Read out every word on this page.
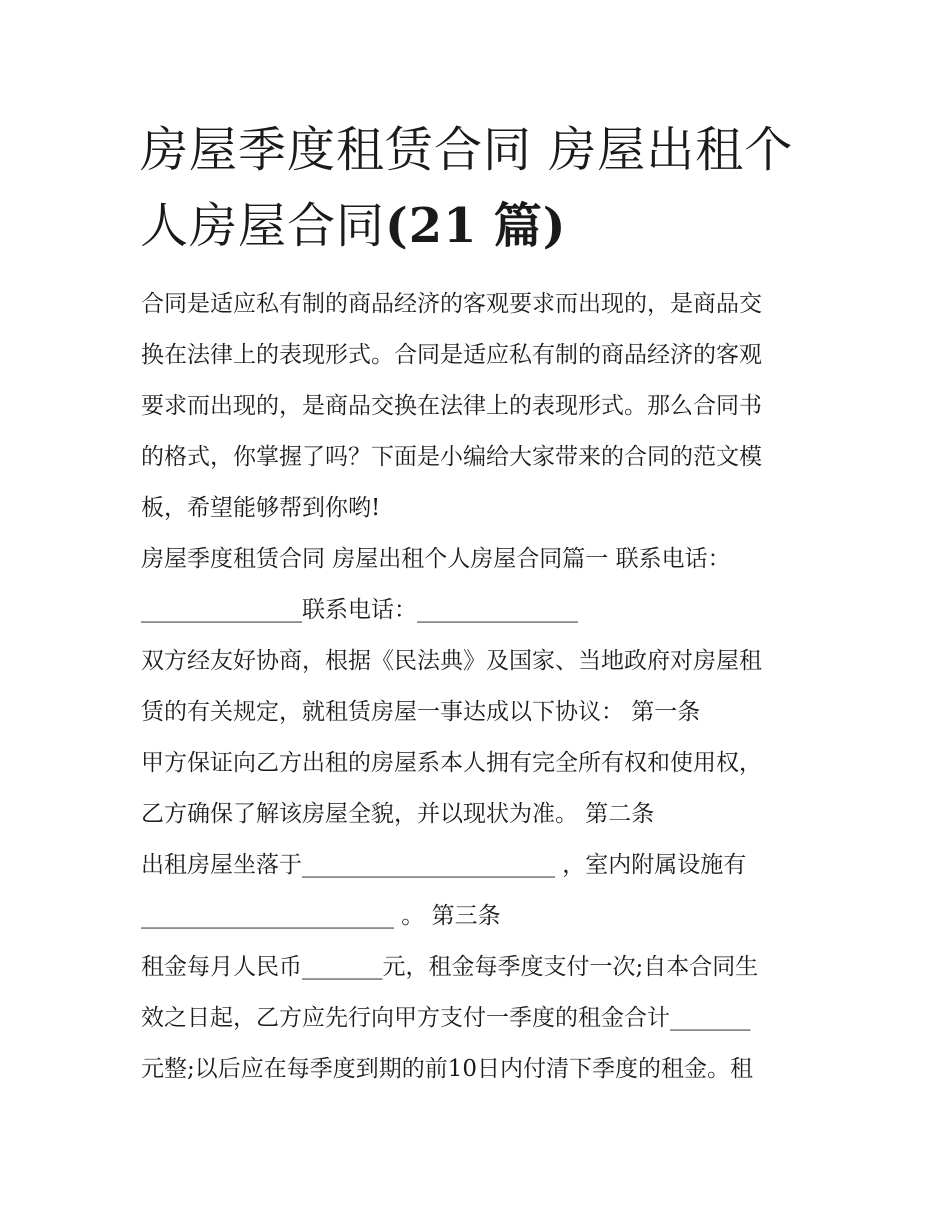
房屋季度租赁合同 房屋出租个
人房屋合同(21 篇)
合同是适应私有制的商品经济的客观要求而出现的，是商品交
换在法律上的表现形式。合同是适应私有制的商品经济的客观
要求而出现的，是商品交换在法律上的表现形式。那么合同书
的格式，你掌握了吗？下面是小编给大家带来的合同的范文模
板，希望能够帮到你哟!
房屋季度租赁合同 房屋出租个人房屋合同篇一 联系电话：
______________联系电话：______________
双方经友好协商，根据《民法典》及国家、当地政府对房屋租
赁的有关规定，就租赁房屋一事达成以下协议： 第一条
甲方保证向乙方出租的房屋系本人拥有完全所有权和使用权，
乙方确保了解该房屋全貌，并以现状为准。 第二条
出租房屋坐落于______________________ ，室内附属设施有
______________________ 。 第三条
租金每月人民币_______元，租金每季度支付一次;自本合同生
效之日起，乙方应先行向甲方支付一季度的租金合计_______
元整;以后应在每季度到期的前10日内付清下季度的租金。租
